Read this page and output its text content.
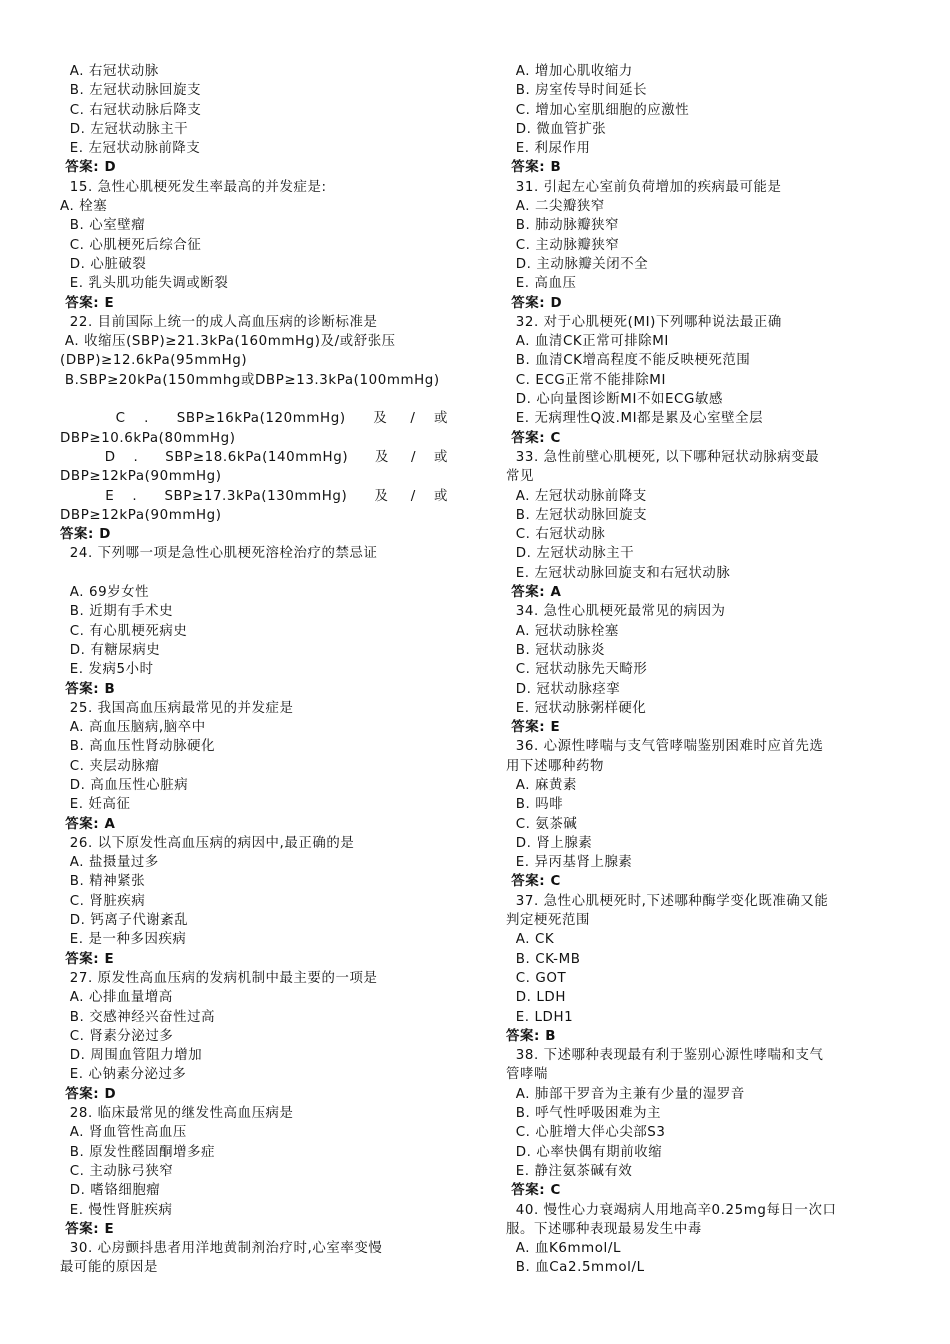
A. 右冠状动脉

B. 左冠状动脉回旋支

C. 右冠状动脉后降支

D. 左冠状动脉主干

E. 左冠状动脉前降支

答案: D

15. 急性心肌梗死发生率最高的并发症是:

A. 栓塞

B. 心室壁瘤

C. 心肌梗死后综合征

D. 心脏破裂

E. 乳头肌功能失调或断裂

答案: E

22. 目前国际上统一的成人高血压病的诊断标准是

A. 收缩压(SBP)≥21.3kPa(160mmHg)及/或舒张压

(DBP)≥12.6kPa(95mmHg)

B.SBP≥20kPa(150mmhg或DBP≥13.3kPa(100mmHg)

C  .   SBP≥16kPa(120mmHg)   及  /  或

DBP≥10.6kPa(80mmHg)

D  .   SBP≥18.6kPa(140mmHg)   及  /  或

DBP≥12kPa(90mmHg)

E  .   SBP≥17.3kPa(130mmHg)   及  /  或

DBP≥12kPa(90mmHg)

答案: D

24. 下列哪一项是急性心肌梗死溶栓治疗的禁忌证

A. 69岁女性

B. 近期有手术史

C. 有心肌梗死病史

D. 有糖尿病史

E. 发病5小时

答案: B

25. 我国高血压病最常见的并发症是

A. 高血压脑病,脑卒中

B. 高血压性肾动脉硬化

C. 夹层动脉瘤

D. 高血压性心脏病

E. 妊高征

答案: A

26. 以下原发性高血压病的病因中,最正确的是

A. 盐摄量过多

B. 精神紧张

C. 肾脏疾病

D. 钙离子代谢紊乱

E. 是一种多因疾病

答案: E

27. 原发性高血压病的发病机制中最主要的一项是

A. 心排血量增高

B. 交感神经兴奋性过高

C. 肾素分泌过多

D. 周围血管阻力增加

E. 心钠素分泌过多

答案: D

28. 临床最常见的继发性高血压病是

A. 肾血管性高血压

B. 原发性醛固酮增多症

C. 主动脉弓狭窄

D. 嗜铬细胞瘤

E. 慢性肾脏疾病

答案: E

30. 心房颤抖患者用洋地黄制剂治疗时,心室率变慢

最可能的原因是

A. 增加心肌收缩力

B. 房室传导时间延长

C. 增加心室肌细胞的应激性

D. 微血管扩张

E. 利尿作用

答案: B

31. 引起左心室前负荷增加的疾病最可能是

A. 二尖瓣狭窄

B. 肺动脉瓣狭窄

C. 主动脉瓣狭窄

D. 主动脉瓣关闭不全

E. 高血压

答案: D

32. 对于心肌梗死(MI)下列哪种说法最正确

A. 血清CK正常可排除MI

B. 血清CK增高程度不能反映梗死范围

C. ECG正常不能排除MI

D. 心向量图诊断MI不如ECG敏感

E. 无病理性Q波.MI都是累及心室壁全层

答案: C

33. 急性前壁心肌梗死, 以下哪种冠状动脉病变最

常见

A. 左冠状动脉前降支

B. 左冠状动脉回旋支

C. 右冠状动脉

D. 左冠状动脉主干

E. 左冠状动脉回旋支和右冠状动脉

答案: A

34. 急性心肌梗死最常见的病因为

A. 冠状动脉栓塞

B. 冠状动脉炎

C. 冠状动脉先天畸形

D. 冠状动脉痉挛

E. 冠状动脉粥样硬化

答案: E

36. 心源性哮喘与支气管哮喘鉴别困难时应首先选

用下述哪种药物

A. 麻黄素

B. 吗啡

C. 氨茶碱

D. 肾上腺素

E. 异丙基肾上腺素

答案: C

37. 急性心肌梗死时,下述哪种酶学变化既准确又能

判定梗死范围

A. CK

B. CK-MB

C. GOT

D. LDH

E. LDH1

答案: B

38. 下述哪种表现最有利于鉴别心源性哮喘和支气

管哮喘

A. 肺部干罗音为主兼有少量的湿罗音

B. 呼气性呼吸困难为主

C. 心脏增大伴心尖部S3

D. 心率快偶有期前收缩

E. 静注氨茶碱有效

答案: C

40. 慢性心力衰竭病人用地高辛0.25mg每日一次口

服。下述哪种表现最易发生中毒

A. 血K6mmol/L

B. 血Ca2.5mmol/L
